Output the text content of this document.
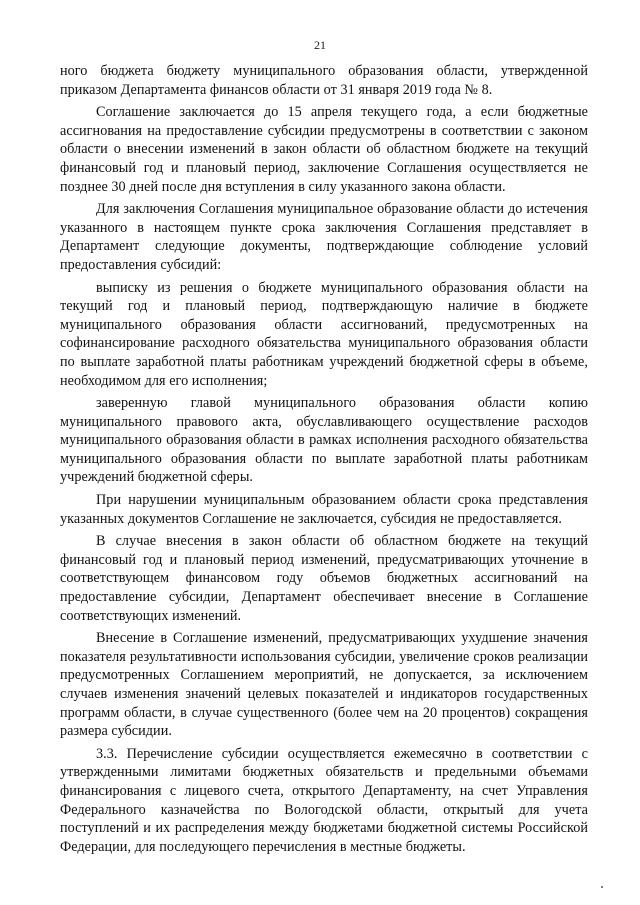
21

ного бюджета бюджету муниципального образования области, утвержденной приказом Департамента финансов области от 31 января 2019 года № 8.

Соглашение заключается до 15 апреля текущего года, а если бюджетные ассигнования на предоставление субсидии предусмотрены в соответствии с законом области о внесении изменений в закон области об областном бюджете на текущий финансовый год и плановый период, заключение Соглашения осуществляется не позднее 30 дней после дня вступления в силу указанного закона области.

Для заключения Соглашения муниципальное образование области до истечения указанного в настоящем пункте срока заключения Соглашения представляет в Департамент следующие документы, подтверждающие соблюдение условий предоставления субсидий:

выписку из решения о бюджете муниципального образования области на текущий год и плановый период, подтверждающую наличие в бюджете муниципального образования области ассигнований, предусмотренных на софинансирование расходного обязательства муниципального образования области по выплате заработной платы работникам учреждений бюджетной сферы в объеме, необходимом для его исполнения;

заверенную главой муниципального образования области копию муниципального правового акта, обуславливающего осуществление расходов муниципального образования области в рамках исполнения расходного обязательства муниципального образования области по выплате заработной платы работникам учреждений бюджетной сферы.

При нарушении муниципальным образованием области срока представления указанных документов Соглашение не заключается, субсидия не предоставляется.

В случае внесения в закон области об областном бюджете на текущий финансовый год и плановый период изменений, предусматривающих уточнение в соответствующем финансовом году объемов бюджетных ассигнований на предоставление субсидии, Департамент обеспечивает внесение в Соглашение соответствующих изменений.

Внесение в Соглашение изменений, предусматривающих ухудшение значения показателя результативности использования субсидии, увеличение сроков реализации предусмотренных Соглашением мероприятий, не допускается, за исключением случаев изменения значений целевых показателей и индикаторов государственных программ области, в случае существенного (более чем на 20 процентов) сокращения размера субсидии.

3.3. Перечисление субсидии осуществляется ежемесячно в соответствии с утвержденными лимитами бюджетных обязательств и предельными объемами финансирования с лицевого счета, открытого Департаменту, на счет Управления Федерального казначейства по Вологодской области, открытый для учета поступлений и их распределения между бюджетами бюджетной системы Российской Федерации, для последующего перечисления в местные бюджеты.
